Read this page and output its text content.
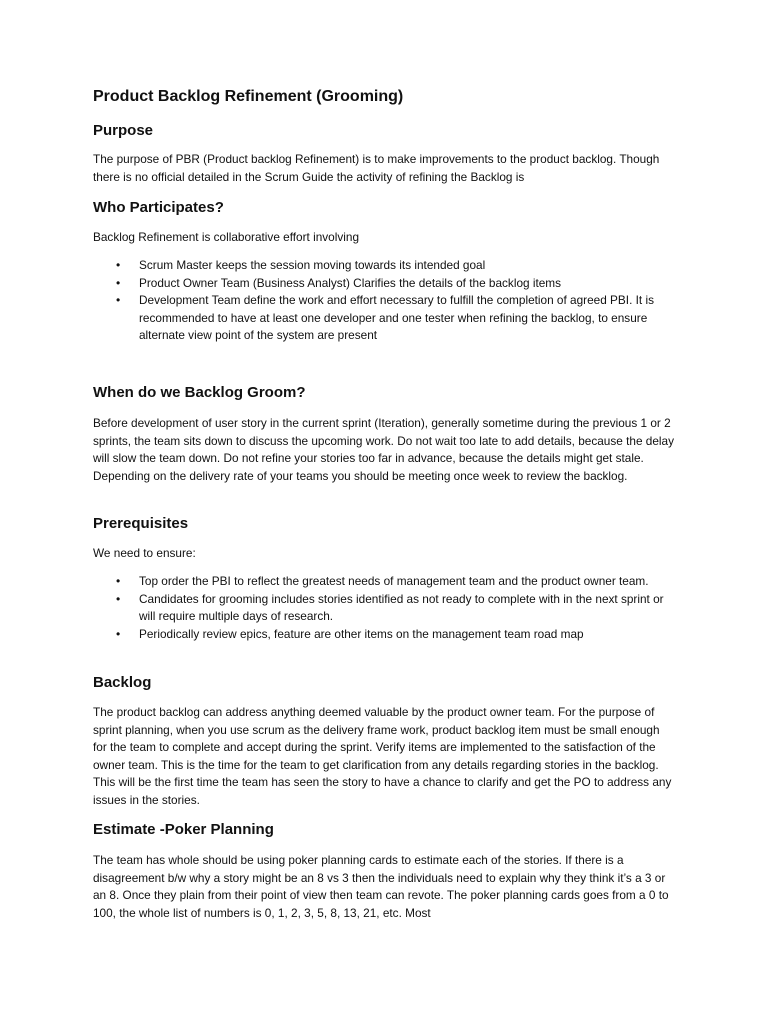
Product Backlog Refinement (Grooming)
Purpose

The purpose of PBR (Product backlog Refinement) is to make improvements to the product backlog. Though there is no official detailed in the Scrum Guide the activity of refining the Backlog is

Who Participates?

Backlog Refinement is collaborative effort involving

• Scrum Master keeps the session moving towards its intended goal
• Product Owner Team (Business Analyst) Clarifies the details of the backlog items
• Development Team define the work and effort necessary to fulfill the completion of agreed PBI. It is recommended to have at least one developer and one tester when refining the backlog, to ensure alternate view point of the system are present
When do we Backlog Groom?

Before development of user story in the current sprint (Iteration), generally sometime during the previous 1 or 2 sprints, the team sits down to discuss the upcoming work. Do not wait too late to add details, because the delay will slow the team down. Do not refine your stories too far in advance, because the details might get stale. Depending on the delivery rate of your teams you should be meeting once week to review the backlog.

Prerequisites

We need to ensure:

• Top order the PBI to reflect the greatest needs of management team and the product owner team.
• Candidates for grooming includes stories identified as not ready to complete with in the next sprint or will require multiple days of research.
• Periodically review epics, feature are other items on the management team road map
Backlog

The product backlog can address anything deemed valuable by the product owner team. For the purpose of sprint planning, when you use scrum as the delivery frame work, product backlog item must be small enough for the team to complete and accept during the sprint. Verify items are implemented to the satisfaction of the owner team. This is the time for the team to get clarification from any details regarding stories in the backlog. This will be the first time the team has seen the story to have a chance to clarify and get the PO to address any issues in the stories.

Estimate -Poker Planning

The team has whole should be using poker planning cards to estimate each of the stories. If there is a disagreement b/w why a story might be an 8 vs 3 then the individuals need to explain why they think it’s a 3 or an 8. Once they plain from their point of view then team can revote. The poker planning cards goes from a 0 to 100, the whole list of numbers is 0, 1, 2, 3, 5, 8, 13, 21, etc. Most
